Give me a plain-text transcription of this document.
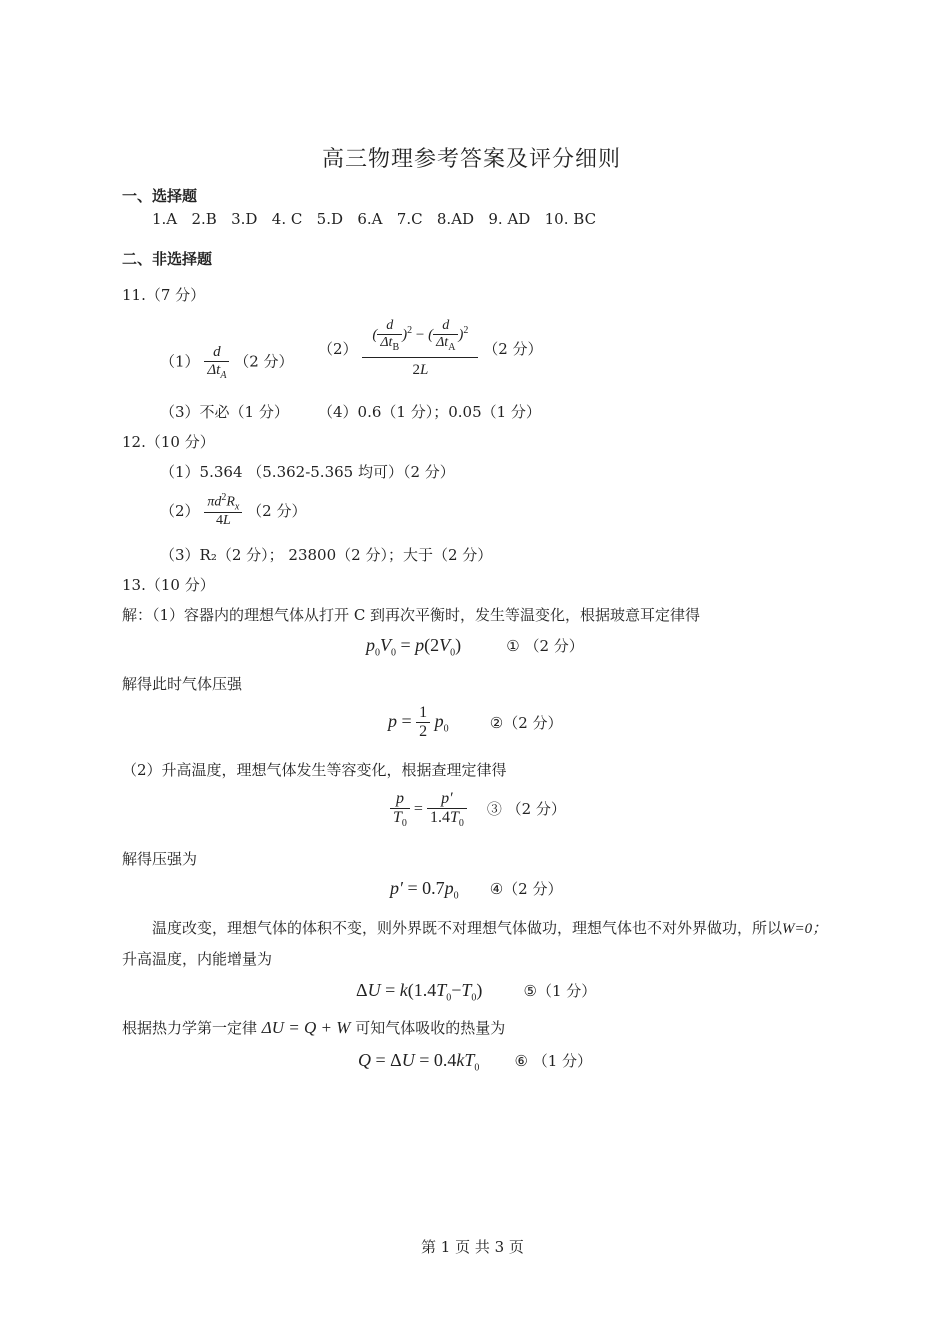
高三物理参考答案及评分细则
一、选择题
1.A 2.B 3.D 4. C 5.D 6.A 7.C 8.AD 9. AD 10. BC
二、非选择题
11.（7 分）
（1）
d
$\Delta t_A$
（2 分）
（2）
(
d
$\Delta t_B$
)$^2$ − (
d
$\Delta t_A$
)$^2$
2L
（2 分）
（3）不必（1 分） （4）0.6（1 分）；0.05（1 分）
12.（10 分）
（1）5.364 （5.362-5.365 均可）（2 分）
$(2) \frac{\pi d^2R_x}{4L} (2$ 分）
（3）R₂（2 分）； 23800（2 分）；大于（2 分）
13.（10 分）
解：（1）容器内的理想气体从打开 C 到再次平衡时，发生等温变化，根据玻意耳定律得
$p_0V_0 = p(2V_0)$	① （2 分）
解得此时气体压强
$p = \frac{1}{2} p_0$	②（2 分）
（2）升高温度，理想气体发生等容变化，根据查理定律得
$\frac{p}{T_0} = \frac{p'}{1.4T_0}$ ③ （2 分）
解得压强为
$p' = 0.7p_0$ ④（2 分）
温度改变，理想气体的体积不变，则外界既不对理想气体做功，理想气体也不对外界做功，所以W=0；
升高温度，内能增量为
$\Delta U = k(1.4T_0-T_0)$	⑤（1 分）
根据热力学第一定律 ΔU = Q + W 可知气体吸收的热量为
$Q = \Delta U = 0.4kT_0$ ⑥ （1 分）
第 1 页 共 3 页
